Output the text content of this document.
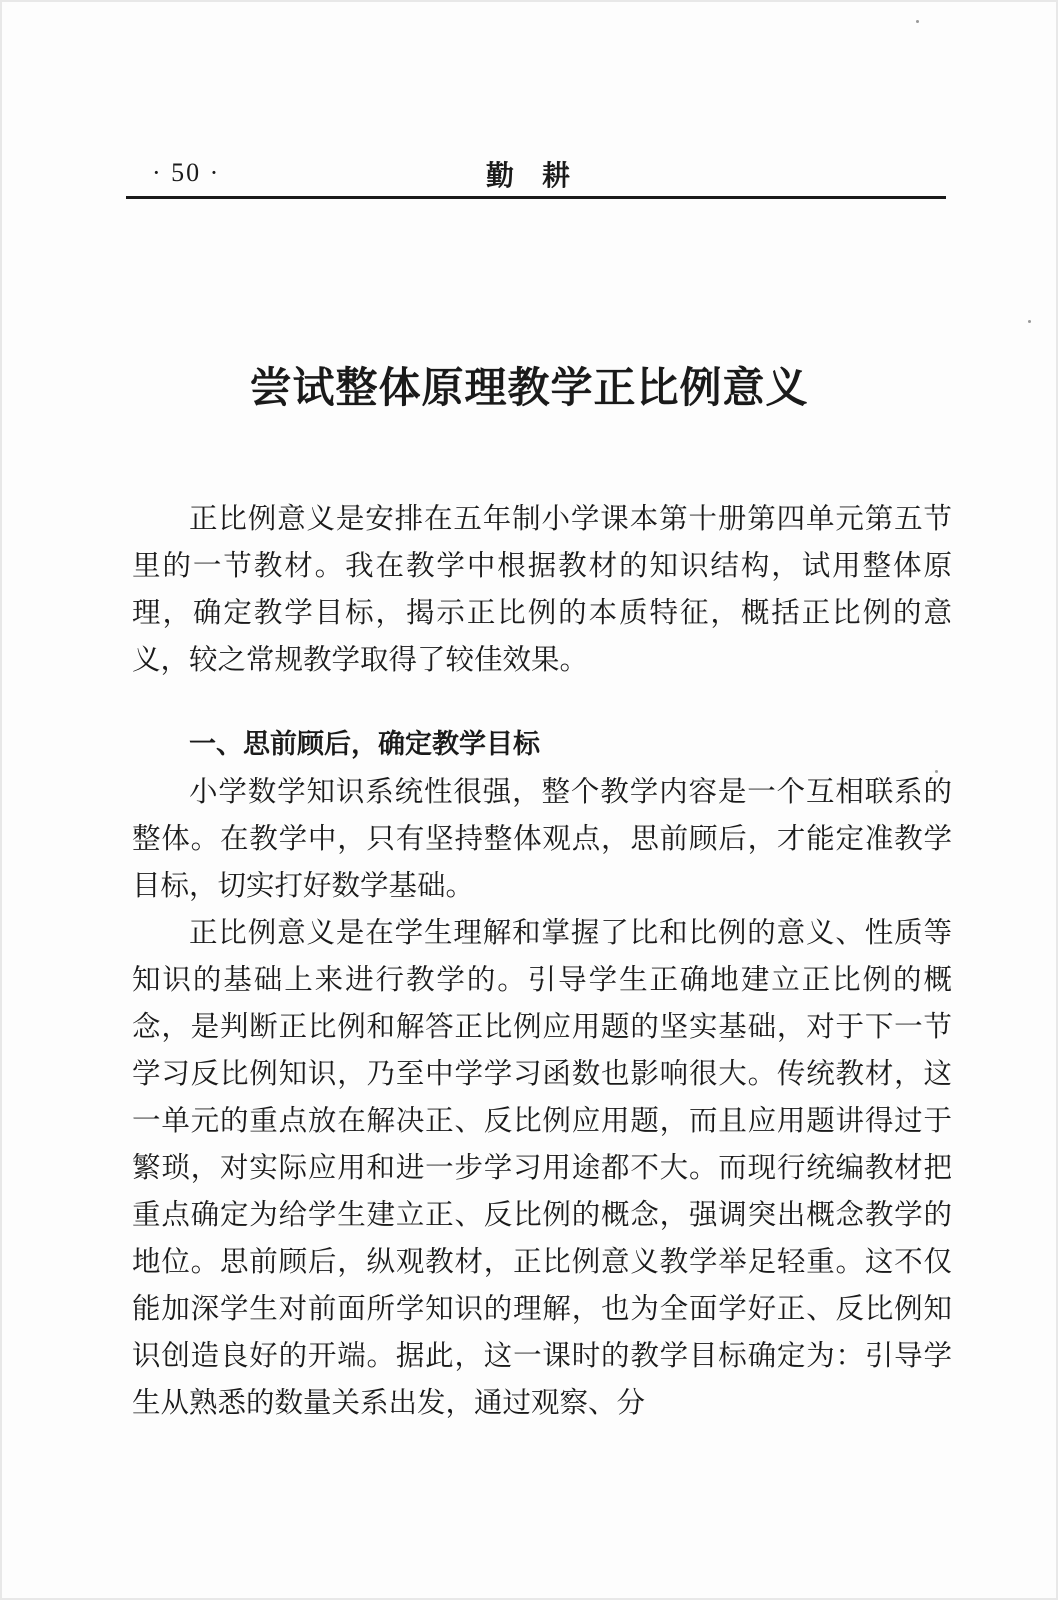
· 50 ·	勤耕
尝试整体原理教学正比例意义

正比例意义是安排在五年制小学课本第十册第四单元第五节里的一节教材。我在教学中根据教材的知识结构，试用整体原理，确定教学目标，揭示正比例的本质特征，概括正比例的意义，较之常规教学取得了较佳效果。

一、思前顾后，确定教学目标

小学数学知识系统性很强，整个教学内容是一个互相联系的整体。在教学中，只有坚持整体观点，思前顾后，才能定准教学目标，切实打好数学基础。

正比例意义是在学生理解和掌握了比和比例的意义、性质等知识的基础上来进行教学的。引导学生正确地建立正比例的概念，是判断正比例和解答正比例应用题的坚实基础，对于下一节学习反比例知识，乃至中学学习函数也影响很大。传统教材，这一单元的重点放在解决正、反比例应用题，而且应用题讲得过于繁琐，对实际应用和进一步学习用途都不大。而现行统编教材把重点确定为给学生建立正、反比例的概念，强调突出概念教学的地位。思前顾后，纵观教材，正比例意义教学举足轻重。这不仅能加深学生对前面所学知识的理解，也为全面学好正、反比例知识创造良好的开端。据此，这一课时的教学目标确定为：引导学生从熟悉的数量关系出发，通过观察、分
